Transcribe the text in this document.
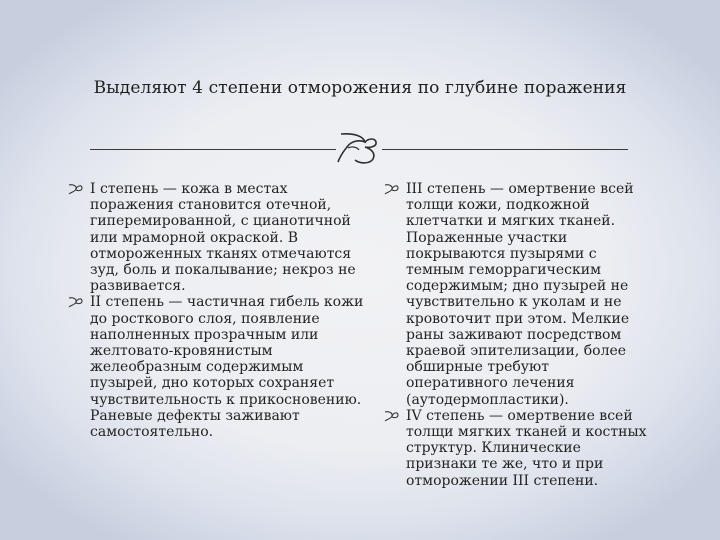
Выделяют 4 степени отморожения по глубине поражения

I степень — кожа в местах поражения становится отечной, гиперемированной, с цианотичной или мраморной окраской. В отмороженных тканях отмечаются зуд, боль и покалывание; некроз не развивается.

II степень — частичная гибель кожи до росткового слоя, появление наполненных прозрачным или желтовато-кровянистым желеобразным содержимым пузырей, дно которых сохраняет чувствительность к прикосновению. Раневые дефекты заживают самостоятельно.

III степень — омертвение всей толщи кожи, подкожной клетчатки и мягких тканей. Пораженные участки покрываются пузырями с темным геморрагическим содержимым; дно пузырей не чувствительно к уколам и не кровоточит при этом. Мелкие раны заживают посредством краевой эпителизации, более обширные требуют оперативного лечения (аутодермопластики).

IV степень — омертвение всей толщи мягких тканей и костных структур. Клинические признаки те же, что и при отморожении III степени.
